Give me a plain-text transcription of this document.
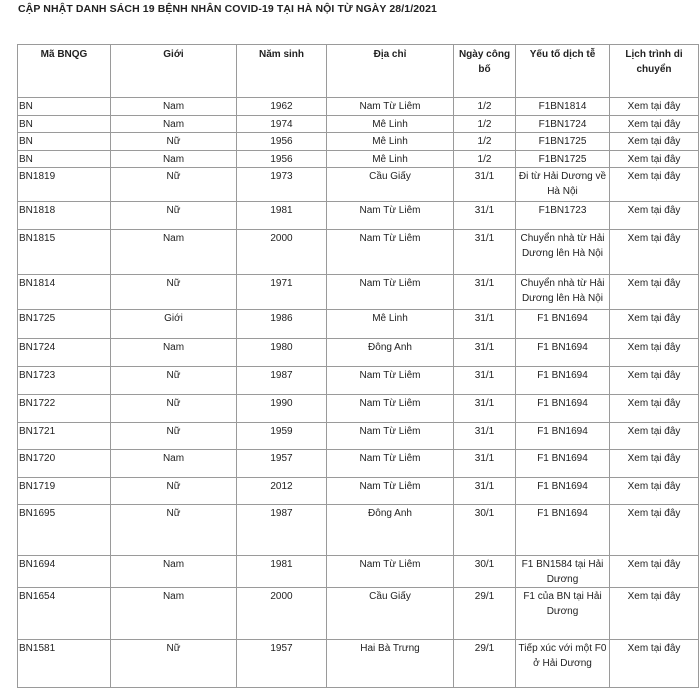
CẬP NHẬT DANH SÁCH 19 BỆNH NHÂN COVID-19 TẠI HÀ NỘI TỪ NGÀY 28/1/2021
Mã BNQG	Giới	Năm sinh	Địa chỉ	Ngày công bố	Yếu tố dịch tễ	Lịch trình di chuyển
BN	Nam	1962	Nam Từ Liêm	1/2	F1BN1814	Xem tại đây
BN	Nam	1974	Mê Linh	1/2	F1BN1724	Xem tại đây
BN	Nữ	1956	Mê Linh	1/2	F1BN1725	Xem tại đây
BN	Nam	1956	Mê Linh	1/2	F1BN1725	Xem tại đây
BN1819	Nữ	1973	Cầu Giấy	31/1	Đi từ Hải Dương về Hà Nội	Xem tại đây
BN1818	Nữ	1981	Nam Từ Liêm	31/1	F1BN1723	Xem tại đây
BN1815	Nam	2000	Nam Từ Liêm	31/1	Chuyển nhà từ Hải Dương lên Hà Nội	Xem tại đây
BN1814	Nữ	1971	Nam Từ Liêm	31/1	Chuyển nhà từ Hải Dương lên Hà Nội	Xem tại đây
BN1725	Giới	1986	Mê Linh	31/1	F1 BN1694	Xem tại đây
BN1724	Nam	1980	Đông Anh	31/1	F1 BN1694	Xem tại đây
BN1723	Nữ	1987	Nam Từ Liêm	31/1	F1 BN1694	Xem tại đây
BN1722	Nữ	1990	Nam Từ Liêm	31/1	F1 BN1694	Xem tại đây
BN1721	Nữ	1959	Nam Từ Liêm	31/1	F1 BN1694	Xem tại đây
BN1720	Nam	1957	Nam Từ Liêm	31/1	F1 BN1694	Xem tại đây
BN1719	Nữ	2012	Nam Từ Liêm	31/1	F1 BN1694	Xem tại đây
BN1695	Nữ	1987	Đông Anh	30/1	F1 BN1694	Xem tại đây
BN1694	Nam	1981	Nam Từ Liêm	30/1	F1 BN1584 tại Hải Dương	Xem tại đây
BN1654	Nam	2000	Cầu Giấy	29/1	F1 của BN tại Hải Dương	Xem tại đây
BN1581	Nữ	1957	Hai Bà Trưng	29/1	Tiếp xúc với một F0 ở Hải Dương	Xem tại đây
